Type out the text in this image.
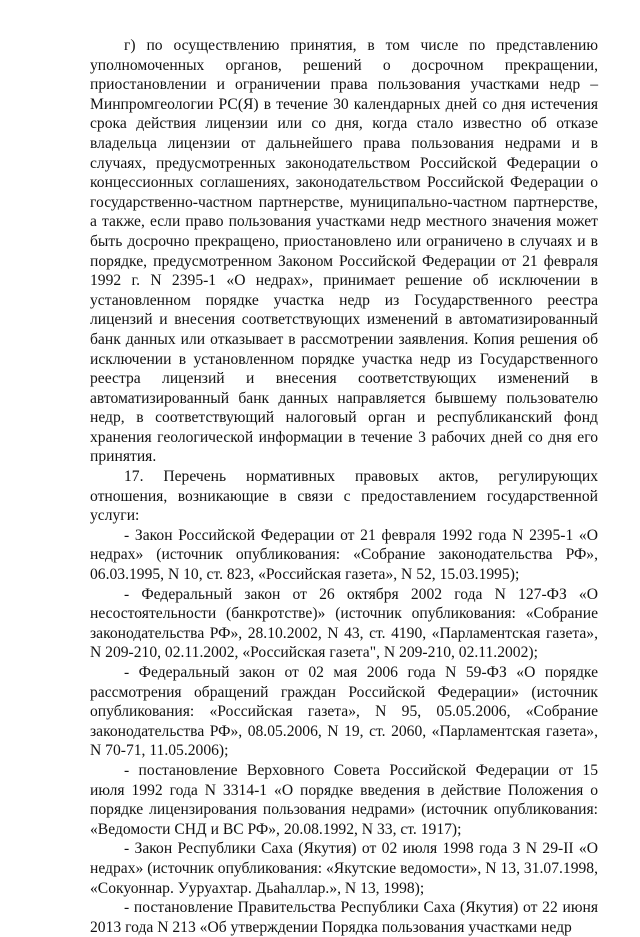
г) по осуществлению принятия, в том числе по представлению уполномоченных органов, решений о досрочном прекращении, приостановлении и ограничении права пользования участками недр – Минпромгеологии РС(Я) в течение 30 календарных дней со дня истечения срока действия лицензии или со дня, когда стало известно об отказе владельца лицензии от дальнейшего права пользования недрами и в случаях, предусмотренных законодательством Российской Федерации о концессионных соглашениях, законодательством Российской Федерации о государственно-частном партнерстве, муниципально-частном партнерстве, а также, если право пользования участками недр местного значения может быть досрочно прекращено, приостановлено или ограничено в случаях и в порядке, предусмотренном Законом Российской Федерации от 21 февраля 1992 г. N 2395-1 «О недрах», принимает решение об исключении в установленном порядке участка недр из Государственного реестра лицензий и внесения соответствующих изменений в автоматизированный банк данных или отказывает в рассмотрении заявления. Копия решения об исключении в установленном порядке участка недр из Государственного реестра лицензий и внесения соответствующих изменений в автоматизированный банк данных направляется бывшему пользователю недр, в соответствующий налоговый орган и республиканский фонд хранения геологической информации в течение 3 рабочих дней со дня его принятия.

17. Перечень нормативных правовых актов, регулирующих отношения, возникающие в связи с предоставлением государственной услуги:

- Закон Российской Федерации от 21 февраля 1992 года N 2395-1 «О недрах» (источник опубликования: «Собрание законодательства РФ», 06.03.1995, N 10, ст. 823, «Российская газета», N 52, 15.03.1995);

- Федеральный закон от 26 октября 2002 года N 127-ФЗ «О несостоятельности (банкротстве)» (источник опубликования: «Собрание законодательства РФ», 28.10.2002, N 43, ст. 4190, «Парламентская газета», N 209-210, 02.11.2002, «Российская газета", N 209-210, 02.11.2002);

- Федеральный закон от 02 мая 2006 года N 59-ФЗ «О порядке рассмотрения обращений граждан Российской Федерации» (источник опубликования: «Российская газета», N 95, 05.05.2006, «Собрание законодательства РФ», 08.05.2006, N 19, ст. 2060, «Парламентская газета», N 70-71, 11.05.2006);

- постановление Верховного Совета Российской Федерации от 15 июля 1992 года N 3314-1 «О порядке введения в действие Положения о порядке лицензирования пользования недрами» (источник опубликования: «Ведомости СНД и ВС РФ», 20.08.1992, N 33, ст. 1917);

- Закон Республики Саха (Якутия) от 02 июля 1998 года З N 29-II «О недрах» (источник опубликования: «Якутские ведомости», N 13, 31.07.1998, «Сокуоннар. Ууруахтар. Дьаһаллар.», N 13, 1998);

- постановление Правительства Республики Саха (Якутия) от 22 июня 2013 года N 213 «Об утверждении Порядка пользования участками недр
